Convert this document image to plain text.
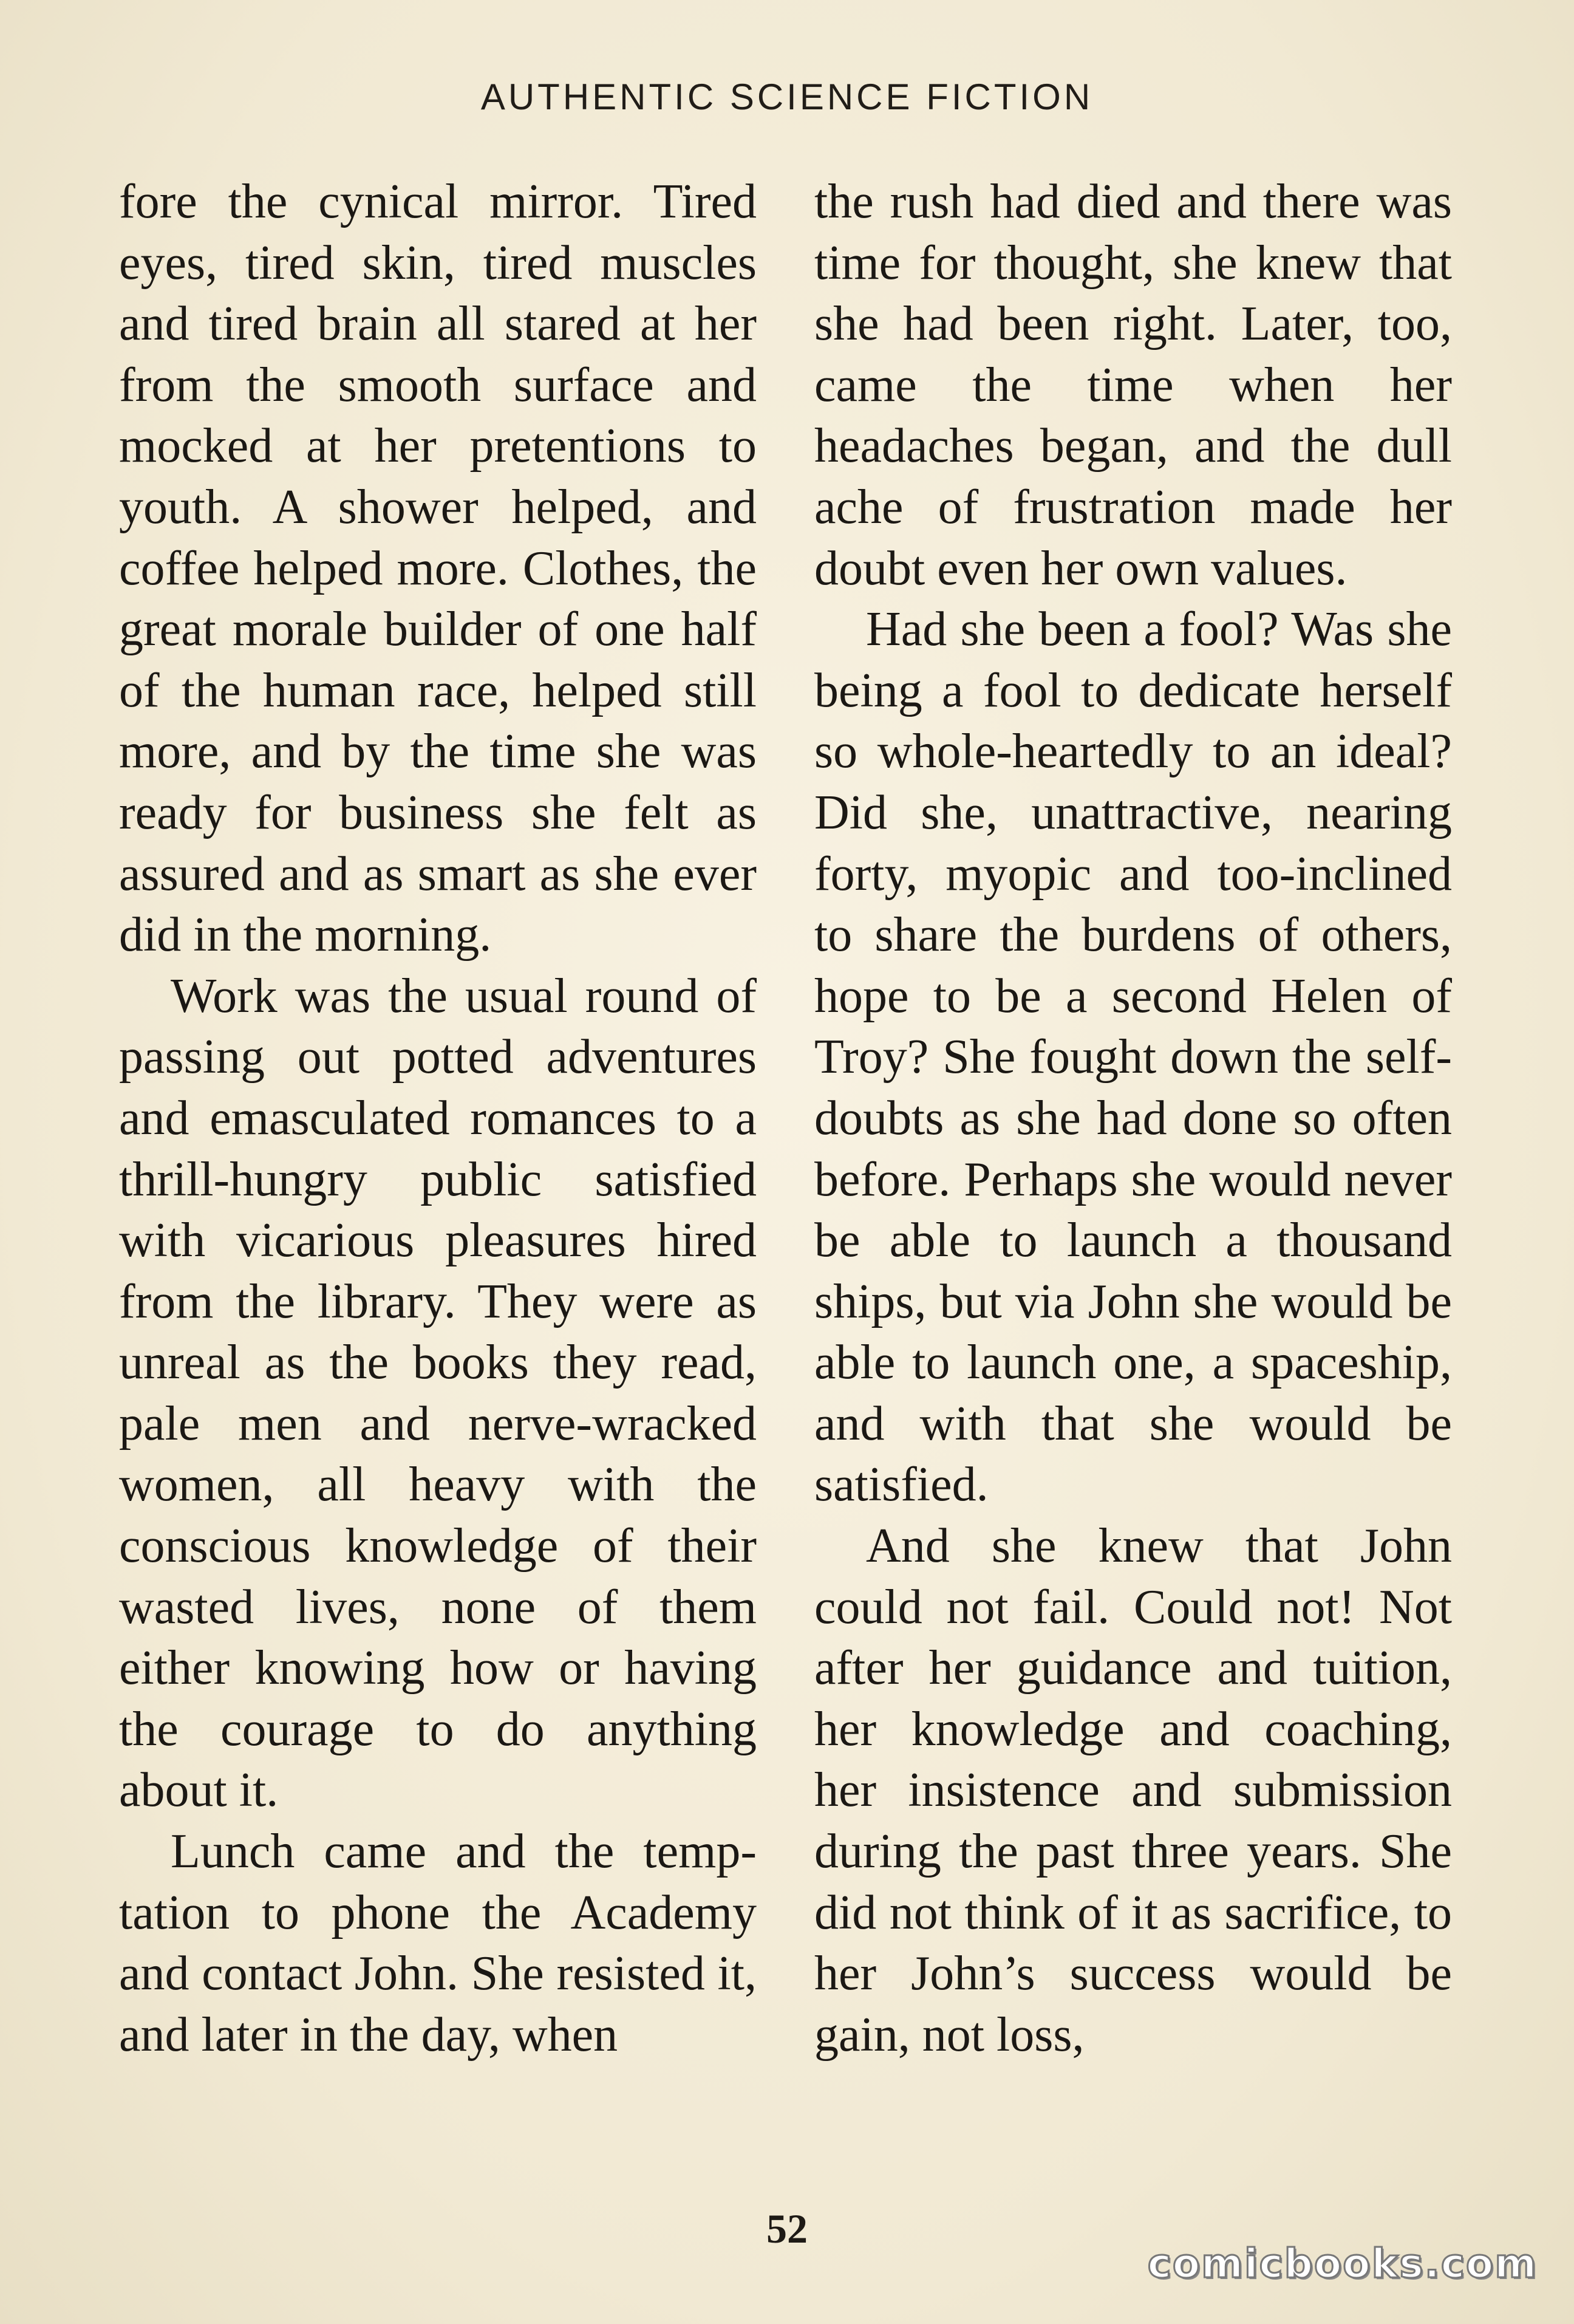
AUTHENTIC SCIENCE FICTION

fore the cynical mirror. Tired eyes, tired skin, tired muscles and tired brain all stared at her from the smooth surface and mocked at her pretentions to youth. A shower helped, and coffee helped more. Clothes, the great morale builder of one half of the human race, helped still more, and by the time she was ready for business she felt as assured and as smart as she ever did in the morning.

Work was the usual round of passing out potted adventures and emasculated romances to a thrill-hungry public satisfied with vicarious pleasures hired from the library. They were as unreal as the books they read, pale men and nerve-wracked women, all heavy with the conscious knowledge of their wasted lives, none of them either knowing how or having the courage to do anything about it.

Lunch came and the temptation to phone the Academy and contact John. She resisted it, and later in the day, when

the rush had died and there was time for thought, she knew that she had been right. Later, too, came the time when her headaches began, and the dull ache of frustration made her doubt even her own values.

Had she been a fool? Was she being a fool to dedicate herself so whole-heartedly to an ideal? Did she, unattractive, nearing forty, myopic and too-inclined to share the burdens of others, hope to be a second Helen of Troy? She fought down the self-doubts as she had done so often before. Perhaps she would never be able to launch a thousand ships, but via John she would be able to launch one, a spaceship, and with that she would be satisfied.

And she knew that John could not fail. Could not! Not after her guidance and tuition, her knowledge and coaching, her insistence and submission during the past three years. She did not think of it as sacrifice, to her John’s success would be gain, not loss,

52
comicbooks.com
